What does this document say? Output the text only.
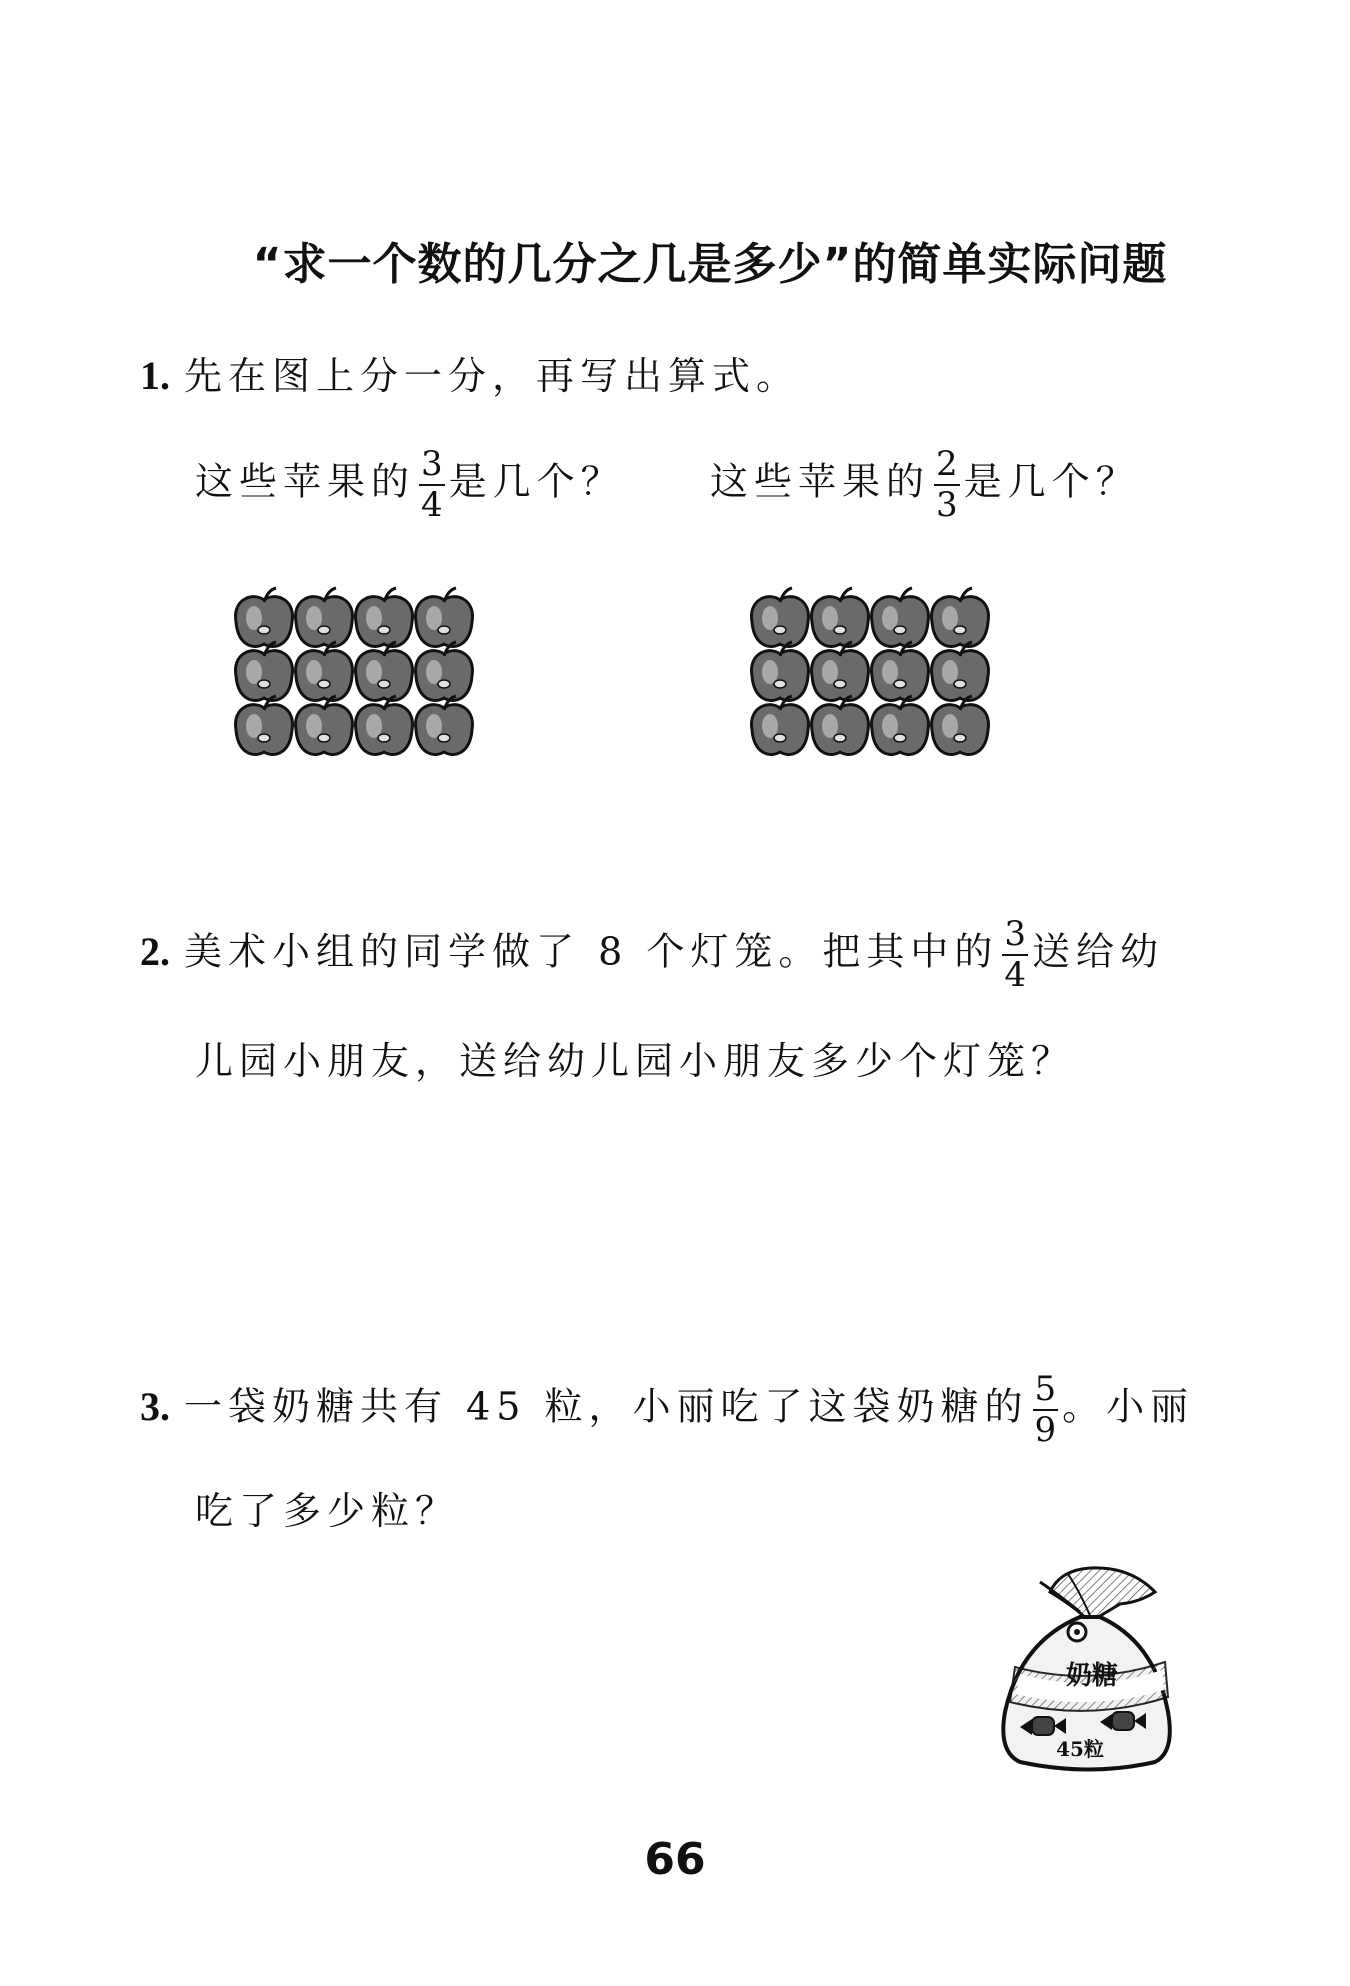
“求一个数的几分之几是多少”的简单实际问题
1. 先在图上分一分，再写出算式。
这些苹果的 $\frac{3}{4}$ 是几个？ 这些苹果的 $\frac{2}{3}$ 是几个？
2. 美术小组的同学做了 8 个灯笼。把其中的 $\frac{3}{4}$ 送给幼
儿园小朋友，送给幼儿园小朋友多少个灯笼？
3. 一袋奶糖共有 45 粒，小丽吃了这袋奶糖的 $\frac{5}{9}$ 。小丽
吃了多少粒？
奶糖
45粒
66
